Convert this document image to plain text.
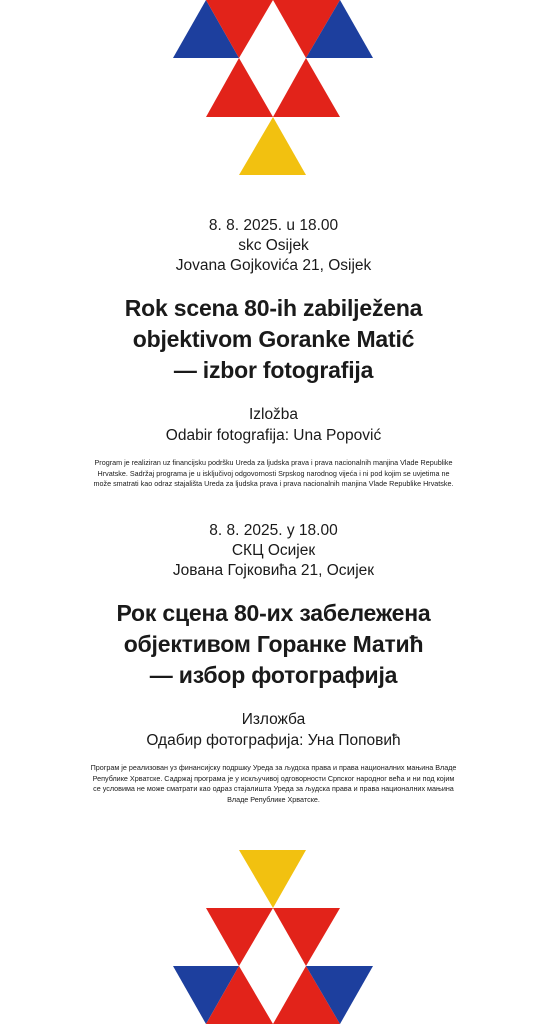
8. 8. 2025. u 18.00
skc Osijek
Jovana Gojkovića 21, Osijek
Rok scena 80-ih zabilježena
objektivom Goranke Matić
— izbor fotografija
Izložba
Odabir fotografija: Una Popović
Program je realiziran uz financijsku podršku Ureda za ljudska prava i prava nacionalnih manjina Vlade Republike
Hrvatske. Sadržaj programa je u isključivoj odgovornosti Srpskog narodnog vijeća i ni pod kojim se uvjetima ne
može smatrati kao odraz stajališta Ureda za ljudska prava i prava nacionalnih manjina Vlade Republike Hrvatske.
8. 8. 2025. у 18.00
СКЦ Осијек
Јована Гојковића 21, Осијек
Рок сцена 80-их забележена
објективом Горанке Матић
— избор фотографија
Изложба
Одабир фотографија: Уна Поповић
Програм је реализован уз финансијску подршку Уреда за људска права и права националних мањина Владе
Републике Хрватске. Садржај програма је у искључивој одговорности Српског народног већа и ни под којим
се условима не може сматрати као одраз стајалишта Уреда за људска права и права националних мањина
Владе Републике Хрватске.
